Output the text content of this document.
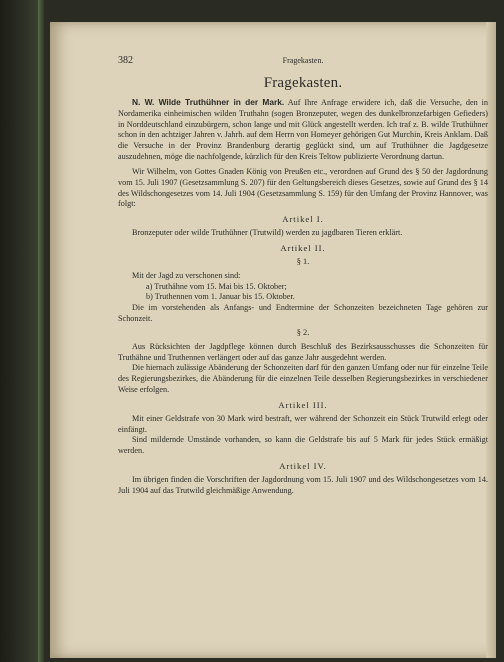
382	Fragekasten.
Fragekasten.

N. W. Wilde Truthühner in der Mark. Auf Ihre Anfrage erwidere ich, daß die Versuche, den in Nordamerika einheimischen wilden Truthahn (sogen Bronzeputer, wegen des dunkelbronzefarbigen Gefieders) in Norddeutschland einzubürgern, schon lange und mit Glück angestellt werden. Ich traf z. B. wilde Truthühner schon in den achtziger Jahren v. Jahrh. auf dem Herrn von Homeyer gehörigen Gut Murchin, Kreis Anklam. Daß die Versuche in der Provinz Brandenburg derartig geglückt sind, um auf Truthühner die Jagdgesetze auszudehnen, möge die nachfolgende, kürzlich für den Kreis Teltow publizierte Verordnung dartun.

Wir Wilhelm, von Gottes Gnaden König von Preußen etc., verordnen auf Grund des § 50 der Jagdordnung vom 15. Juli 1907 (Gesetzsammlung S. 207) für den Geltungsbereich dieses Gesetzes, sowie auf Grund des § 14 des Wildschongesetzes vom 14. Juli 1904 (Gesetzsammlung S. 159) für den Umfang der Provinz Hannover, was folgt:

Artikel I.

Bronzeputer oder wilde Truthühner (Trutwild) werden zu jagdbaren Tieren erklärt.

Artikel II.
§ 1.

Mit der Jagd zu verschonen sind:

a) Truthähne vom 15. Mai bis 15. Oktober;

b) Truthennen vom 1. Januar bis 15. Oktober.

Die im vorstehenden als Anfangs- und Endtermine der Schonzeiten bezeichneten Tage gehören zur Schonzeit.

§ 2.

Aus Rücksichten der Jagdpflege können durch Beschluß des Bezirksausschusses die Schonzeiten für Truthähne und Truthennen verlängert oder auf das ganze Jahr ausgedehnt werden.

Die hiernach zulässige Abänderung der Schonzeiten darf für den ganzen Umfang oder nur für einzelne Teile des Regierungsbezirkes, die Abänderung für die einzelnen Teile desselben Regierungsbezirkes in verschiedener Weise erfolgen.

Artikel III.

Mit einer Geldstrafe von 30 Mark wird bestraft, wer während der Schonzeit ein Stück Trutwild erlegt oder einfängt.

Sind mildernde Umstände vorhanden, so kann die Geldstrafe bis auf 5 Mark für jedes Stück ermäßigt werden.

Artikel IV.

Im übrigen finden die Vorschriften der Jagdordnung vom 15. Juli 1907 und des Wildschongesetzes vom 14. Juli 1904 auf das Trutwild gleichmäßige Anwendung.
